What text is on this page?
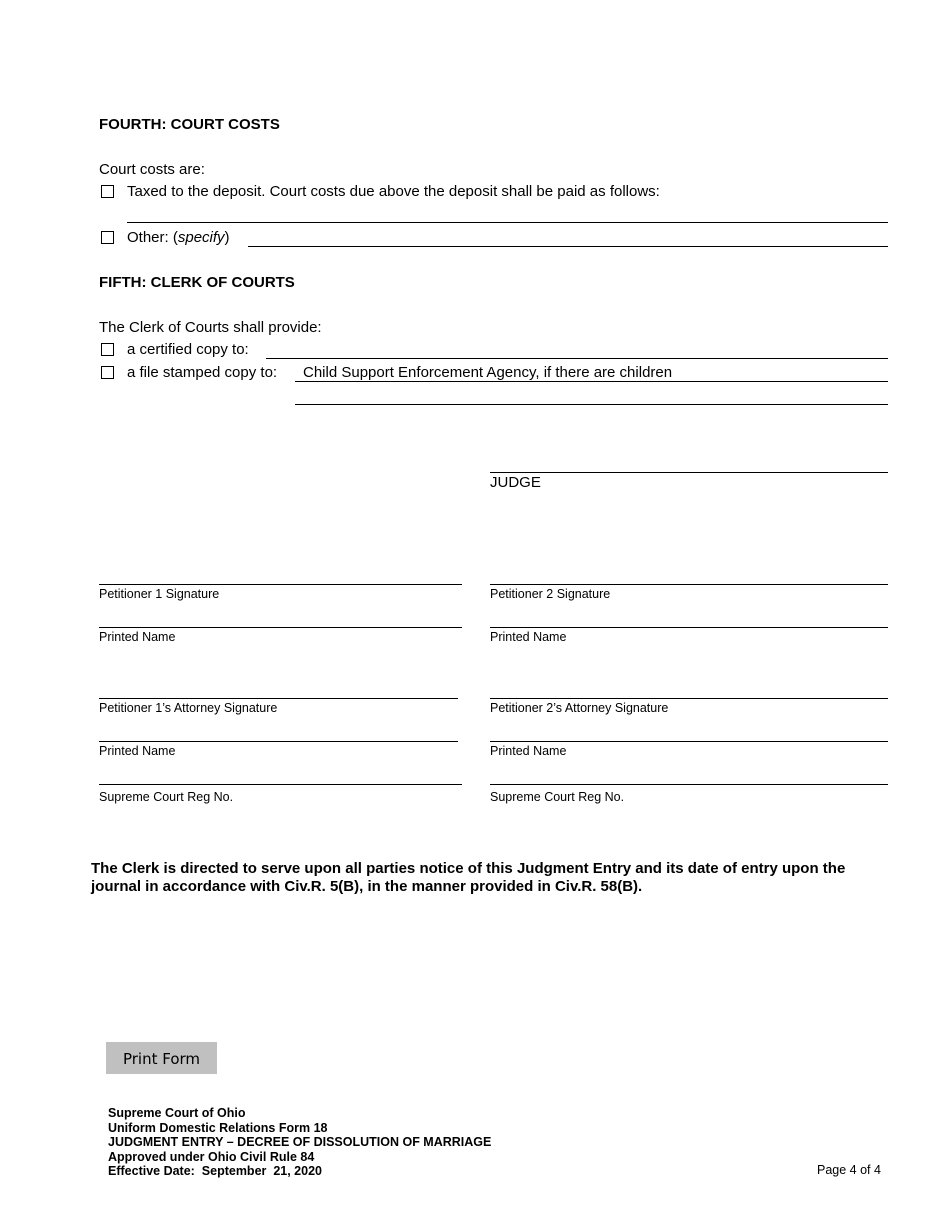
FOURTH: COURT COSTS
Court costs are:
Taxed to the deposit. Court costs due above the deposit shall be paid as follows:
Other: (specify)
FIFTH: CLERK OF COURTS
The Clerk of Courts shall provide:
a certified copy to:
a file stamped copy to: Child Support Enforcement Agency, if there are children
JUDGE
Petitioner 1 Signature	Petitioner 2 Signature
Printed Name	Printed Name
Petitioner 1’s Attorney Signature	Petitioner 2’s Attorney Signature
Printed Name	Printed Name
Supreme Court Reg No.	Supreme Court Reg No.
The Clerk is directed to serve upon all parties notice of this Judgment Entry and its date of entry upon the journal in accordance with Civ.R. 5(B), in the manner provided in Civ.R. 58(B).
Print Form
Supreme Court of Ohio
Uniform Domestic Relations Form 18
JUDGMENT ENTRY – DECREE OF DISSOLUTION OF MARRIAGE
Approved under Ohio Civil Rule 84
Effective Date:  September  21, 2020	Page 4 of 4
